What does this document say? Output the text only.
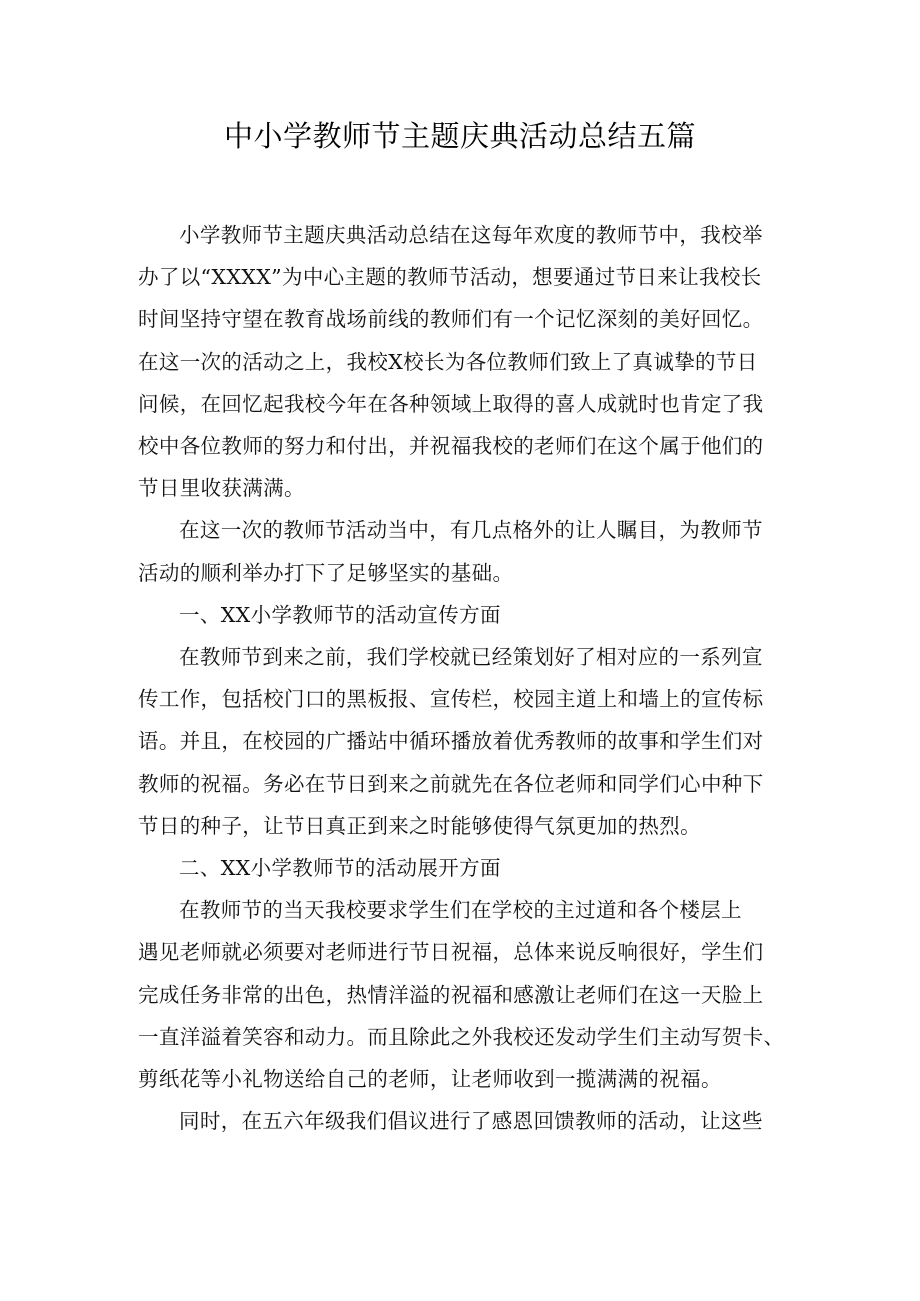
中小学教师节主题庆典活动总结五篇

小学教师节主题庆典活动总结在这每年欢度的教师节中，我校举
办了以“XXXX”为中心主题的教师节活动，想要通过节日来让我校长
时间坚持守望在教育战场前线的教师们有一个记忆深刻的美好回忆。
在这一次的活动之上，我校X校长为各位教师们致上了真诚挚的节日
问候，在回忆起我校今年在各种领域上取得的喜人成就时也肯定了我
校中各位教师的努力和付出，并祝福我校的老师们在这个属于他们的
节日里收获满满。

在这一次的教师节活动当中，有几点格外的让人瞩目，为教师节
活动的顺利举办打下了足够坚实的基础。

一、XX小学教师节的活动宣传方面

在教师节到来之前，我们学校就已经策划好了相对应的一系列宣
传工作，包括校门口的黑板报、宣传栏，校园主道上和墙上的宣传标
语。并且，在校园的广播站中循环播放着优秀教师的故事和学生们对
教师的祝福。务必在节日到来之前就先在各位老师和同学们心中种下
节日的种子，让节日真正到来之时能够使得气氛更加的热烈。

二、XX小学教师节的活动展开方面

在教师节的当天我校要求学生们在学校的主过道和各个楼层上
遇见老师就必须要对老师进行节日祝福，总体来说反响很好，学生们
完成任务非常的出色，热情洋溢的祝福和感激让老师们在这一天脸上
一直洋溢着笑容和动力。而且除此之外我校还发动学生们主动写贺卡、
剪纸花等小礼物送给自己的老师，让老师收到一揽满满的祝福。

同时，在五六年级我们倡议进行了感恩回馈教师的活动，让这些
